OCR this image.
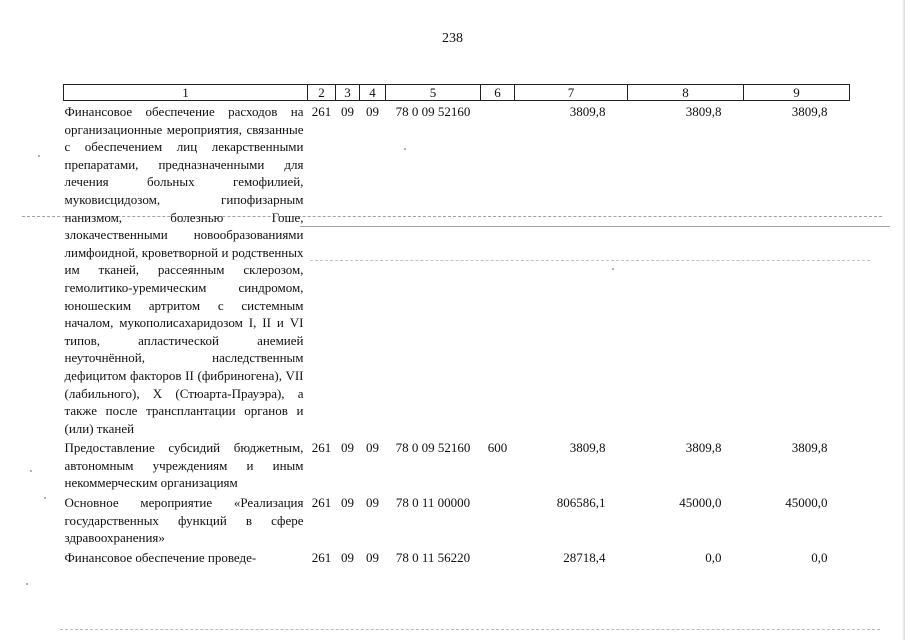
238
1	2	3	4	5	6	7	8	9
Финансовое обеспечение расходов на организационные мероприятия, связанные с обеспечением лиц лекарственными препаратами, предназначенными для лечения больных гемофилией, муковисцидозом, гипофизарным нанизмом, болезнью Гоше, злокачественными новообразованиями лимфоидной, кроветворной и родственных им тканей, рассеянным склерозом, гемолитико-уремическим синдромом, юношеским артритом с системным началом, мукополисахаридозом I, II и VI типов, апластической анемией неуточнённой, наследственным дефицитом факторов II (фибриногена), VII (лабильного), X (Стюарта-Прауэра), а также после трансплантации органов и (или) тканей	261	09	09	78 0 09 52160		3809,8	3809,8	3809,8
Предоставление субсидий бюджетным, автономным учреждениям и иным некоммерческим организациям	261	09	09	78 0 09 52160	600	3809,8	3809,8	3809,8
Основное мероприятие «Реализация государственных функций в сфере здравоохранения»	261	09	09	78 0 11 00000		806586,1	45000,0	45000,0
Финансовое обеспечение проведе-	261	09	09	78 0 11 56220		28718,4	0,0	0,0
